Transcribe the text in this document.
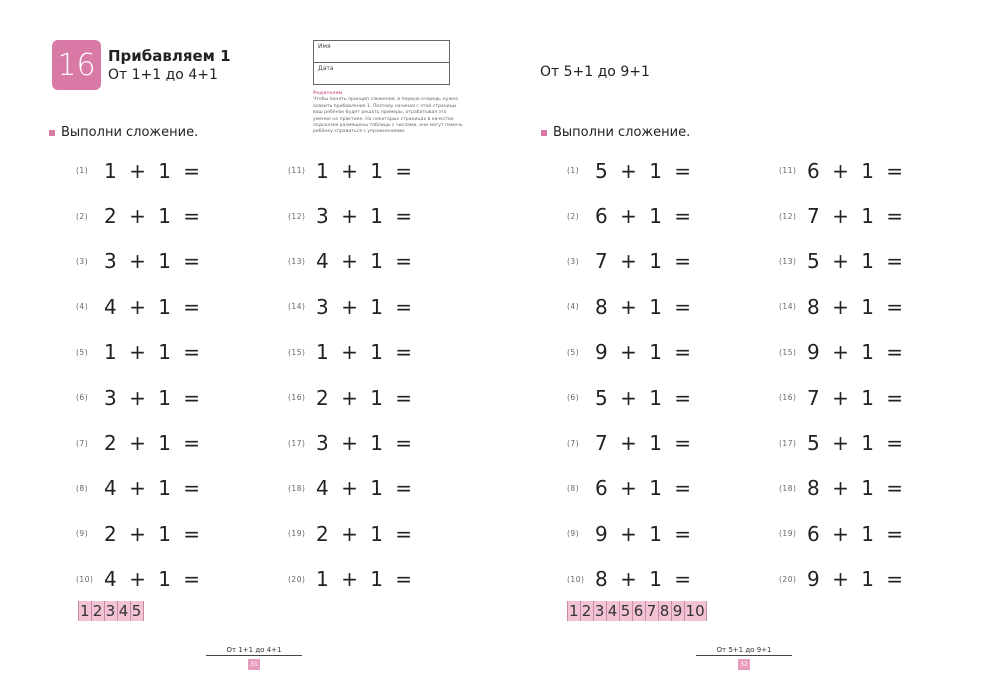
16 Прибавляем 1
От 1+1 до 4+1
Имя
Дата
Родителям
Чтобы понять принцип сложения, в первую очередь нужно освоить прибавление 1. Поэтому начиная с этой страницы ваш ребёнок будет решать примеры, отрабатывая это умение на практике. На некоторых страницах в качестве подсказки размещены таблицы с числами, они могут помочь ребёнку справиться с упражнениями.
Выполни сложение.
(1) 1 + 1 =
(2) 2 + 1 =
(3) 3 + 1 =
(4) 4 + 1 =
(5) 1 + 1 =
(6) 3 + 1 =
(7) 2 + 1 =
(8) 4 + 1 =
(9) 2 + 1 =
(10) 4 + 1 =
(11) 1 + 1 =
(12) 3 + 1 =
(13) 4 + 1 =
(14) 3 + 1 =
(15) 1 + 1 =
(16) 2 + 1 =
(17) 3 + 1 =
(18) 4 + 1 =
(19) 2 + 1 =
(20) 1 + 1 =
1 2 3 4 5
От 1+1 до 4+1
31
От 5+1 до 9+1
Выполни сложение.
(1) 5 + 1 =
(2) 6 + 1 =
(3) 7 + 1 =
(4) 8 + 1 =
(5) 9 + 1 =
(6) 5 + 1 =
(7) 7 + 1 =
(8) 6 + 1 =
(9) 9 + 1 =
(10) 8 + 1 =
(11) 6 + 1 =
(12) 7 + 1 =
(13) 5 + 1 =
(14) 8 + 1 =
(15) 9 + 1 =
(16) 7 + 1 =
(17) 5 + 1 =
(18) 8 + 1 =
(19) 6 + 1 =
(20) 9 + 1 =
1 2 3 4 5 6 7 8 9 10
От 5+1 до 9+1
32
